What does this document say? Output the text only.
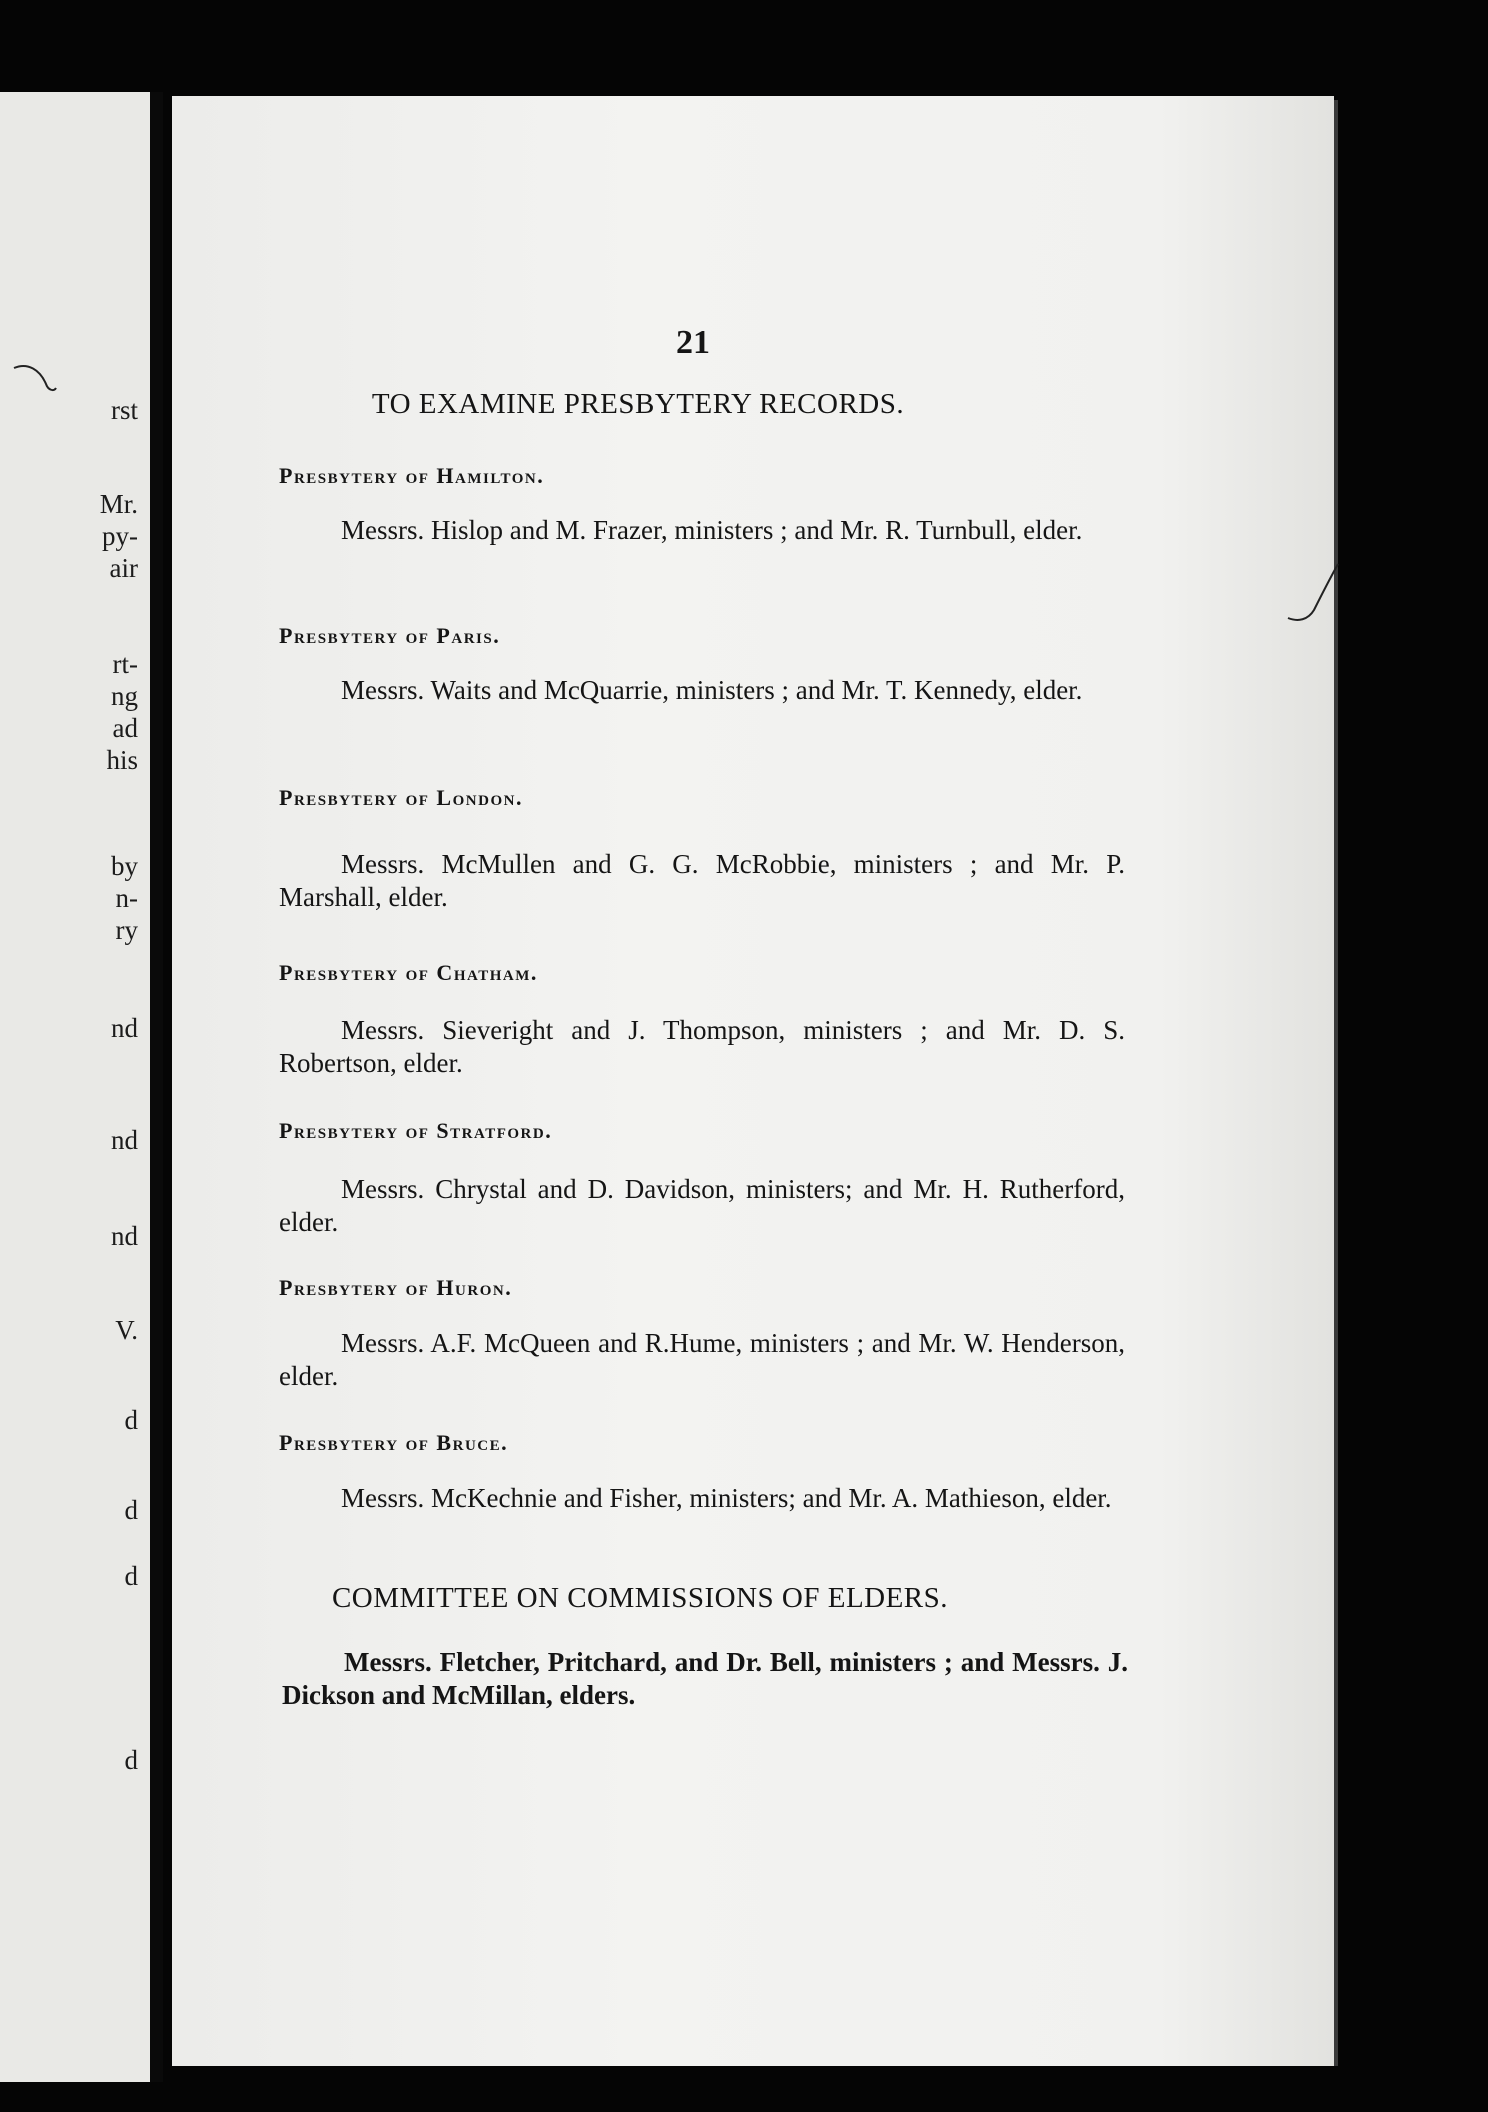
rst
Mr.
py-
air
rt-
ng
ad
his
by
n-
ry
nd
nd
nd
V.
d
d
d
d
21
TO EXAMINE PRESBYTERY RECORDS.
Presbytery of Hamilton.
Messrs. Hislop and M. Frazer, ministers ; and Mr. R. Turnbull, elder.
Presbytery of Paris.
Messrs. Waits and McQuarrie, ministers ; and Mr. T. Kennedy, elder.
Presbytery of London.
Messrs. McMullen and G. G. McRobbie, ministers ; and Mr. P. Marshall, elder.
Presbytery of Chatham.
Messrs. Sieveright and J. Thompson, ministers ; and Mr. D. S. Robertson, elder.
Presbytery of Stratford.
Messrs. Chrystal and D. Davidson, ministers; and Mr. H. Rutherford, elder.
Presbytery of Huron.
Messrs. A.F. McQueen and R.Hume, ministers ; and Mr. W. Henderson, elder.
Presbytery of Bruce.
Messrs. McKechnie and Fisher, ministers; and Mr. A. Mathieson, elder.
COMMITTEE ON COMMISSIONS OF ELDERS.
Messrs. Fletcher, Pritchard, and Dr. Bell, ministers ; and Messrs. J. Dickson and McMillan, elders.
